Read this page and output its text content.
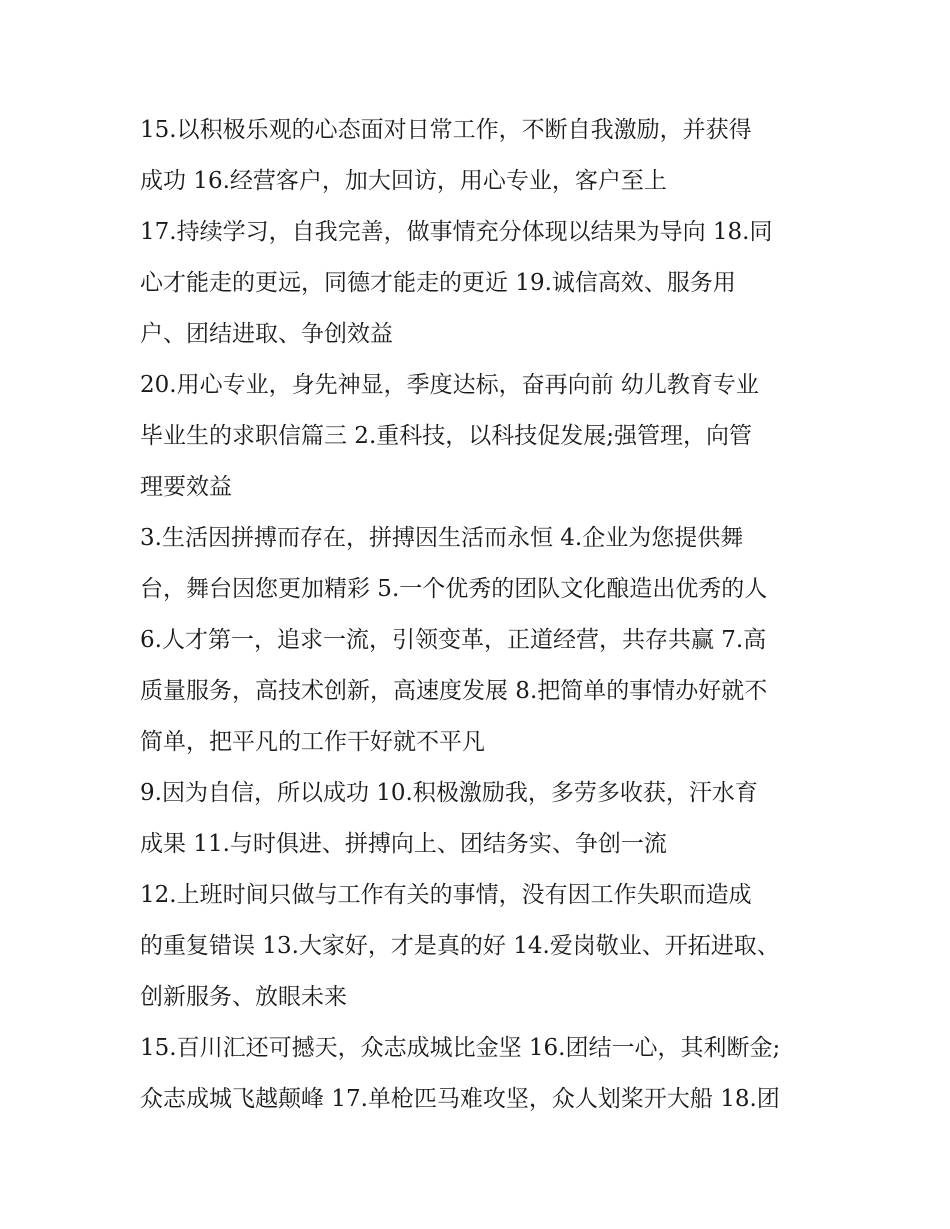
15.以积极乐观的心态面对日常工作，不断自我激励，并获得
成功 16.经营客户，加大回访，用心专业，客户至上
17.持续学习，自我完善，做事情充分体现以结果为导向 18.同
心才能走的更远，同德才能走的更近 19.诚信高效、服务用
户、团结进取、争创效益
20.用心专业，身先神显，季度达标，奋再向前 幼儿教育专业
毕业生的求职信篇三 2.重科技，以科技促发展;强管理，向管
理要效益
3.生活因拼搏而存在，拼搏因生活而永恒 4.企业为您提供舞
台，舞台因您更加精彩 5.一个优秀的团队文化酿造出优秀的人
6.人才第一，追求一流，引领变革，正道经营，共存共赢 7.高
质量服务，高技术创新，高速度发展 8.把简单的事情办好就不
简单，把平凡的工作干好就不平凡
9.因为自信，所以成功 10.积极激励我，多劳多收获，汗水育
成果 11.与时俱进、拼搏向上、团结务实、争创一流
12.上班时间只做与工作有关的事情，没有因工作失职而造成
的重复错误 13.大家好，才是真的好 14.爱岗敬业、开拓进取、
创新服务、放眼未来
15.百川汇还可撼天，众志成城比金坚 16.团结一心，其利断金;
众志成城飞越颠峰 17.单枪匹马难攻坚，众人划桨开大船 18.团
